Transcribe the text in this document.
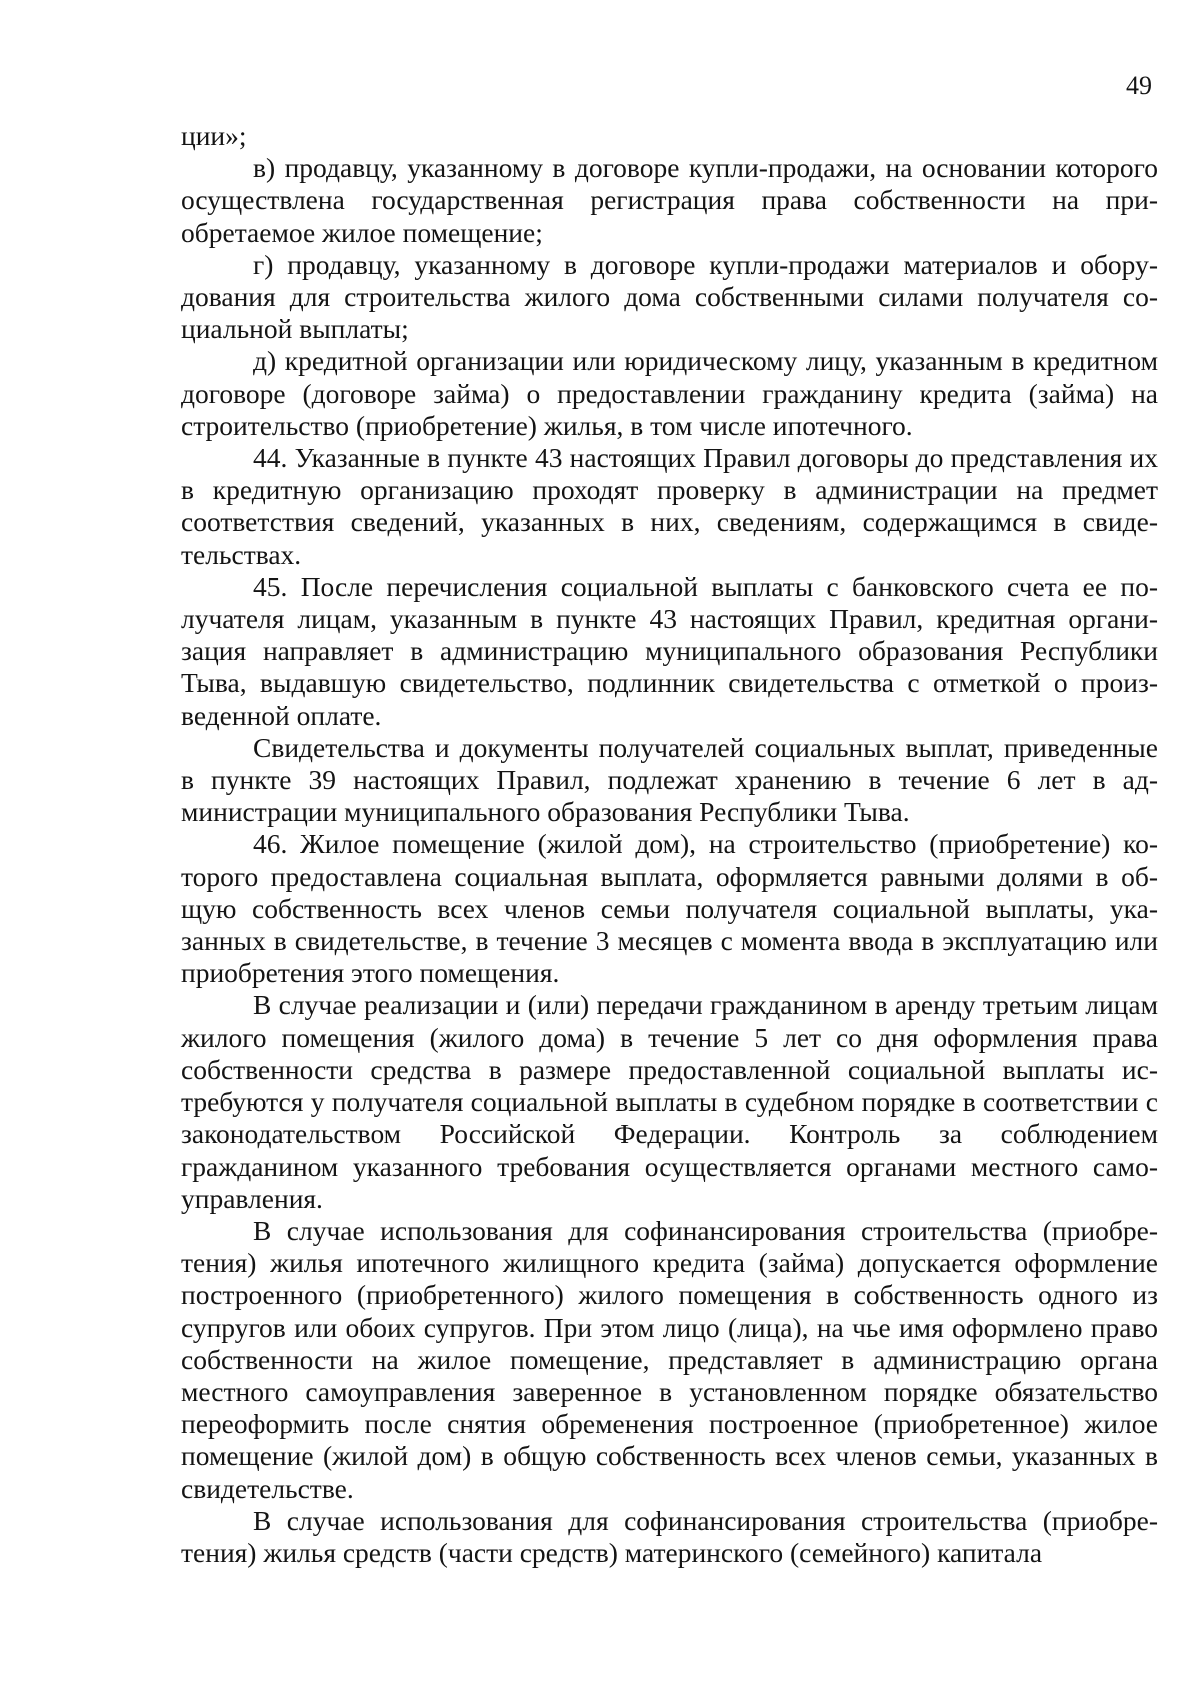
49

ции»;

в) продавцу, указанному в договоре купли-продажи, на основании которого осуществлена государственная регистрация права собственности на приобретаемое жилое помещение;

г) продавцу, указанному в договоре купли-продажи материалов и оборудования для строительства жилого дома собственными силами получателя социальной выплаты;

д) кредитной организации или юридическому лицу, указанным в кредитном договоре (договоре займа) о предоставлении гражданину кредита (займа) на строительство (приобретение) жилья, в том числе ипотечного.

44. Указанные в пункте 43 настоящих Правил договоры до представления их в кредитную организацию проходят проверку в администрации на предмет соответствия сведений, указанных в них, сведениям, содержащимся в свидетельствах.

45. После перечисления социальной выплаты с банковского счета ее получателя лицам, указанным в пункте 43 настоящих Правил, кредитная организация направляет в администрацию муниципального образования Республики Тыва, выдавшую свидетельство, подлинник свидетельства с отметкой о произведенной оплате.

Свидетельства и документы получателей социальных выплат, приведенные в пункте 39 настоящих Правил, подлежат хранению в течение 6 лет в администрации муниципального образования Республики Тыва.

46. Жилое помещение (жилой дом), на строительство (приобретение) которого предоставлена социальная выплата, оформляется равными долями в общую собственность всех членов семьи получателя социальной выплаты, указанных в свидетельстве, в течение 3 месяцев с момента ввода в эксплуатацию или приобретения этого помещения.

В случае реализации и (или) передачи гражданином в аренду третьим лицам жилого помещения (жилого дома) в течение 5 лет со дня оформления права собственности средства в размере предоставленной социальной выплаты истребуются у получателя социальной выплаты в судебном порядке в соответствии с законодательством Российской Федерации. Контроль за соблюдением гражданином указанного требования осуществляется органами местного самоуправления.

В случае использования для софинансирования строительства (приобретения) жилья ипотечного жилищного кредита (займа) допускается оформление построенного (приобретенного) жилого помещения в собственность одного из супругов или обоих супругов. При этом лицо (лица), на чье имя оформлено право собственности на жилое помещение, представляет в администрацию органа местного самоуправления заверенное в установленном порядке обязательство переоформить после снятия обременения построенное (приобретенное) жилое помещение (жилой дом) в общую собственность всех членов семьи, указанных в свидетельстве.

В случае использования для софинансирования строительства (приобретения) жилья средств (части средств) материнского (семейного) капитала
